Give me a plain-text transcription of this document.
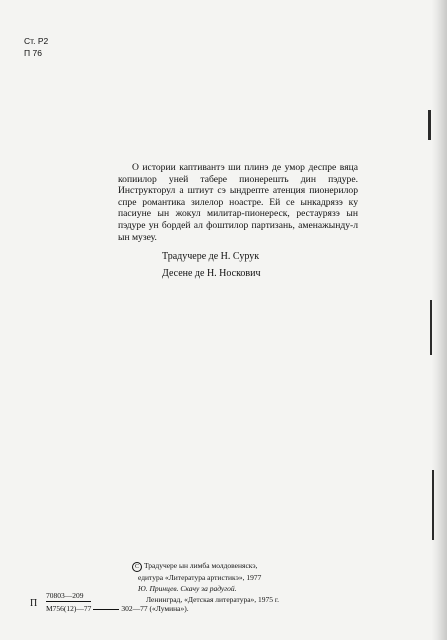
Ст. Р2
П 76

О истории каптивантэ ши плинэ де умор деспре вяца копиилор уней табере пионерешть дин пэдуре. Инструкторул а штиут сэ ындрепте атенция пионерилор спре романтика зилелор ноастре. Ей се ынкадрязэ ку пасиуне ын жокул милитар-пионереск, рестаурязэ ын пэдуре ун бордей ал фоштилор партизань, аменажындy-л ын музеу.

Традучере де Н. Сурук
Десене де Н. Носкович
C Традучере ын лимба молдовеняскэ,
едитура «Литература артистикэ», 1977
Ю. Принцев. Скачу за радугой.
Ленинград, «Детская литература», 1975 г.
П
70803—209
М756(12)—77	302—77 («Лумина»).
